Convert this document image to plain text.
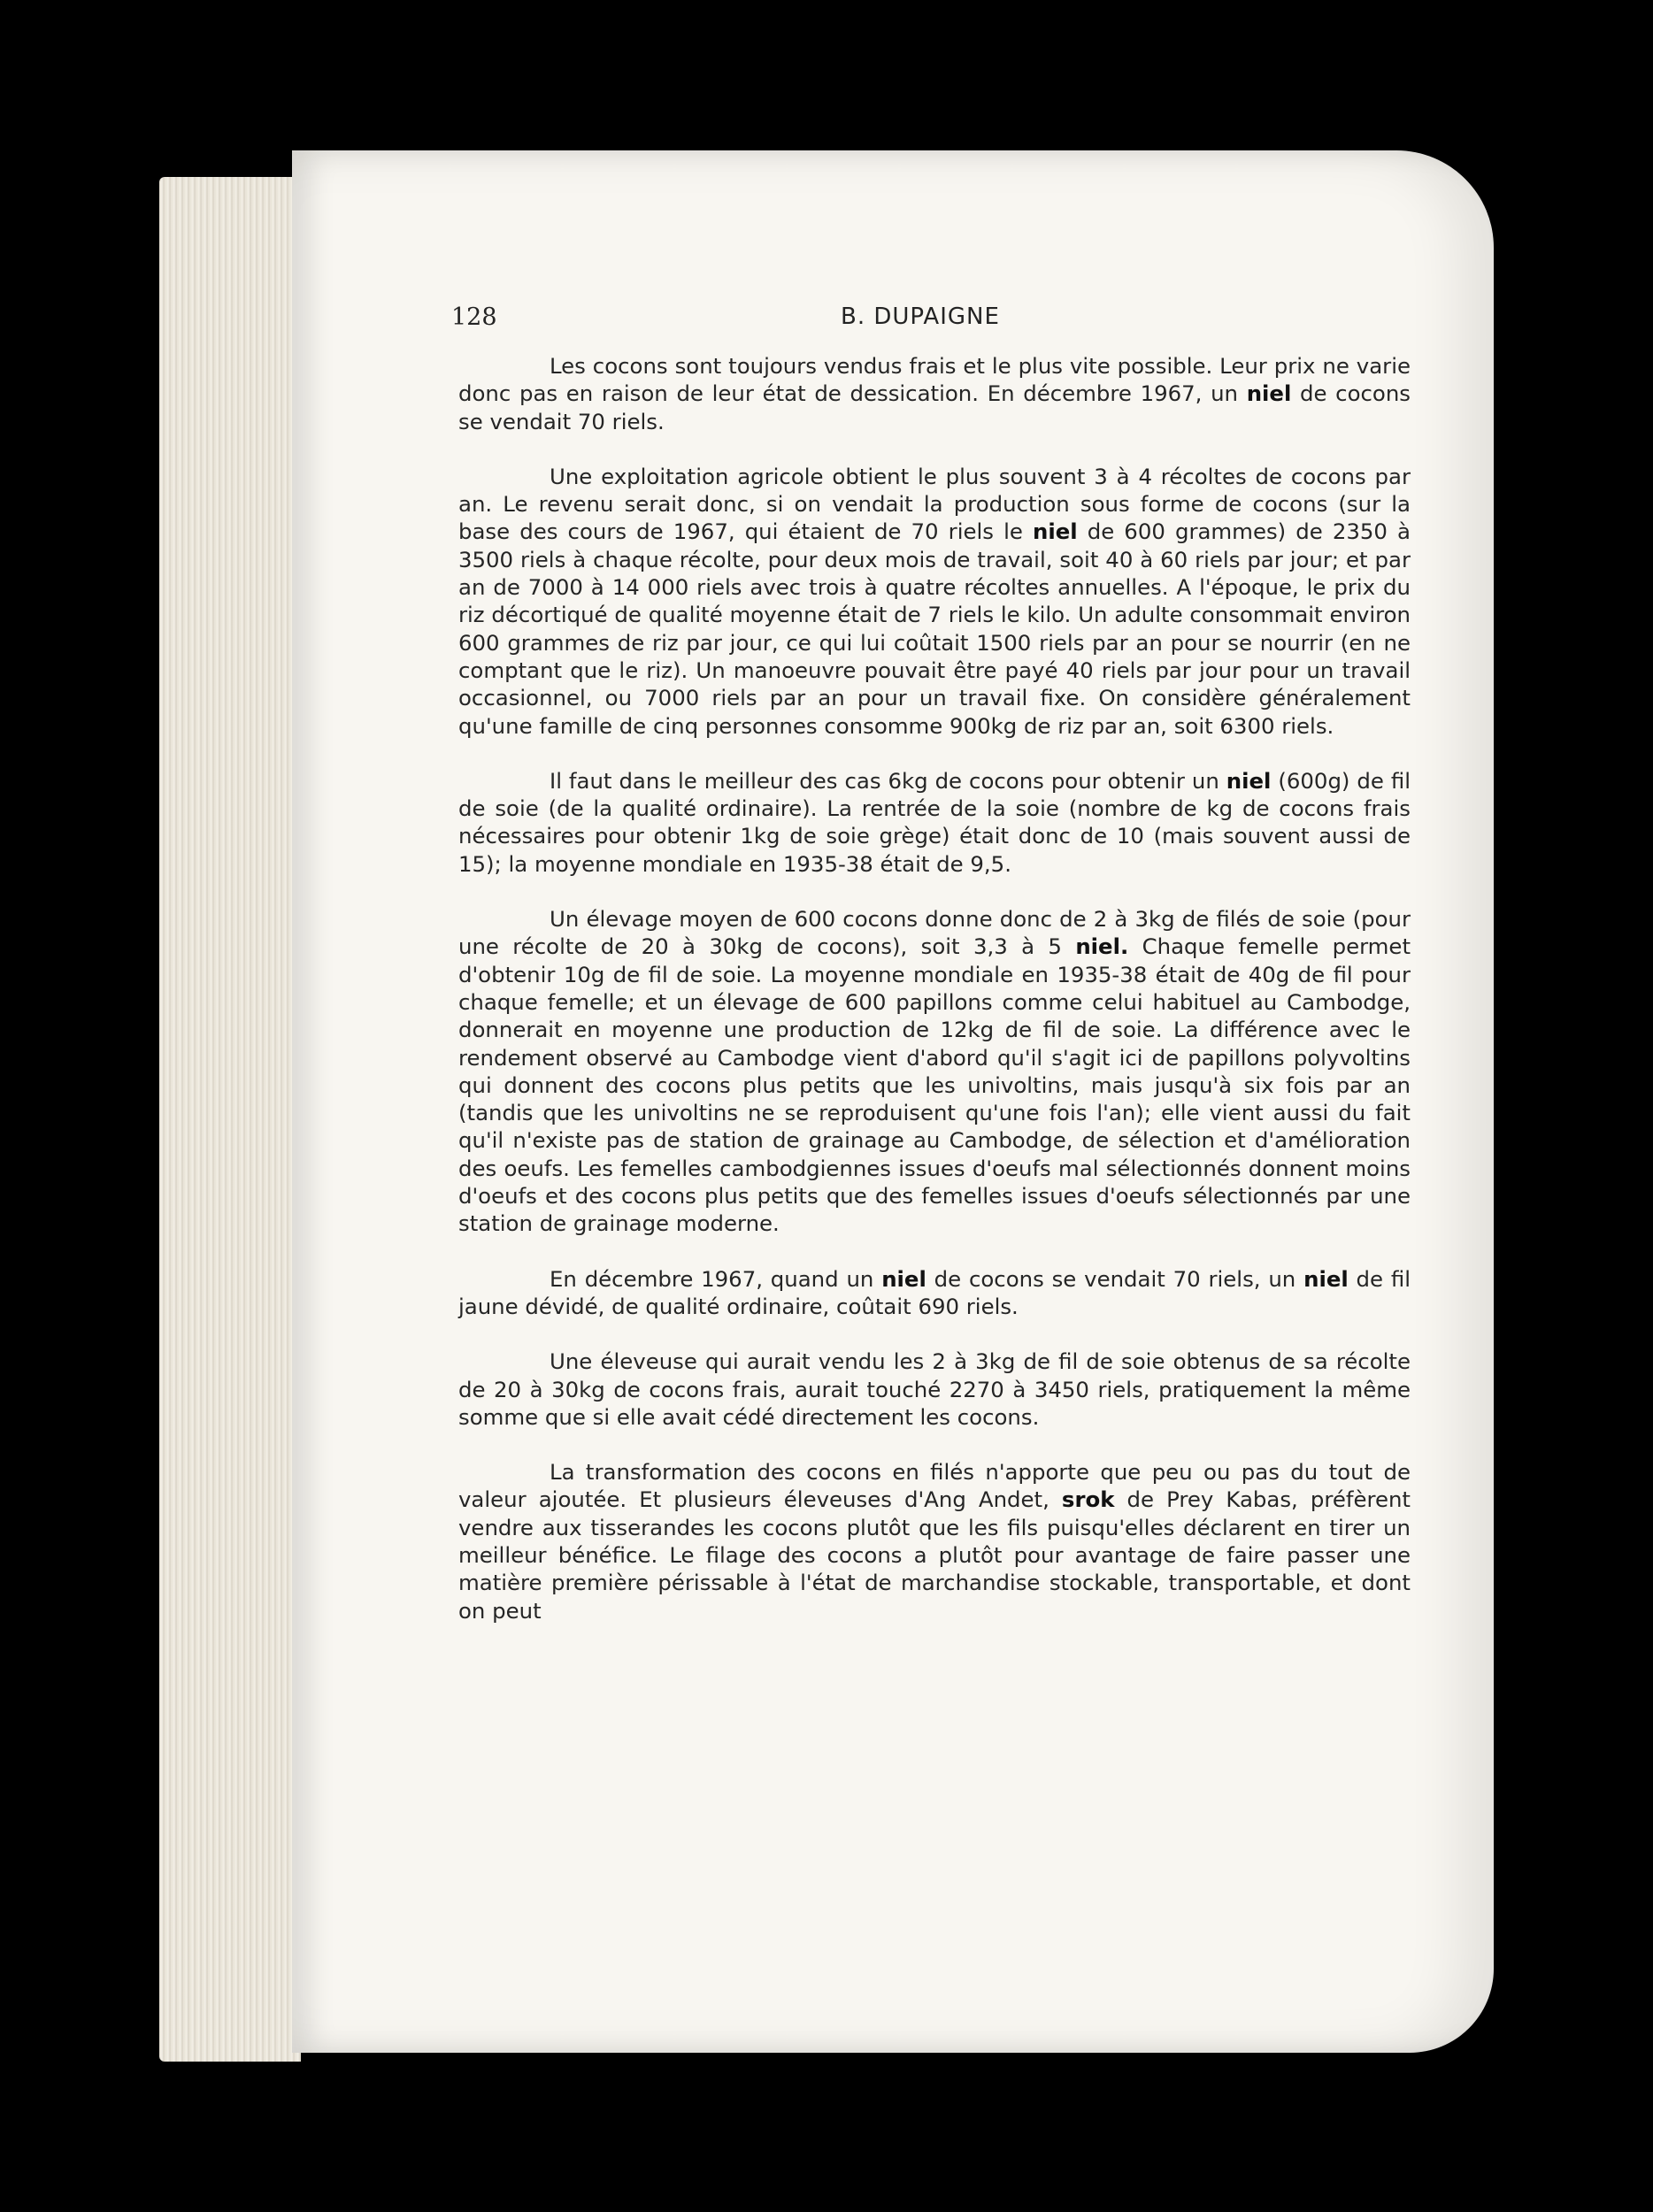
128	B. DUPAIGNE

Les cocons sont toujours vendus frais et le plus vite possible. Leur prix ne varie donc pas en raison de leur état de dessication. En décembre 1967, un niel de cocons se vendait 70 riels.

Une exploitation agricole obtient le plus souvent 3 à 4 récoltes de cocons par an. Le revenu serait donc, si on vendait la production sous forme de cocons (sur la base des cours de 1967, qui étaient de 70 riels le niel de 600 grammes) de 2350 à 3500 riels à chaque récolte, pour deux mois de travail, soit 40 à 60 riels par jour; et par an de 7000 à 14 000 riels avec trois à quatre récoltes annuelles. A l'époque, le prix du riz décortiqué de qualité moyenne était de 7 riels le kilo. Un adulte consommait environ 600 grammes de riz par jour, ce qui lui coûtait 1500 riels par an pour se nourrir (en ne comptant que le riz). Un manoeuvre pouvait être payé 40 riels par jour pour un travail occasionnel, ou 7000 riels par an pour un travail fixe. On considère généralement qu'une famille de cinq personnes consomme 900kg de riz par an, soit 6300 riels.

Il faut dans le meilleur des cas 6kg de cocons pour obtenir un niel (600g) de fil de soie (de la qualité ordinaire). La rentrée de la soie (nombre de kg de cocons frais nécessaires pour obtenir 1kg de soie grège) était donc de 10 (mais souvent aussi de 15); la moyenne mondiale en 1935-38 était de 9,5.

Un élevage moyen de 600 cocons donne donc de 2 à 3kg de filés de soie (pour une récolte de 20 à 30kg de cocons), soit 3,3 à 5 niel. Chaque femelle permet d'obtenir 10g de fil de soie. La moyenne mondiale en 1935-38 était de 40g de fil pour chaque femelle; et un élevage de 600 papillons comme celui habituel au Cambodge, donnerait en moyenne une production de 12kg de fil de soie. La différence avec le rendement observé au Cambodge vient d'abord qu'il s'agit ici de papillons polyvoltins qui donnent des cocons plus petits que les univoltins, mais jusqu'à six fois par an (tandis que les univoltins ne se reproduisent qu'une fois l'an); elle vient aussi du fait qu'il n'existe pas de station de grainage au Cambodge, de sélection et d'amélioration des oeufs. Les femelles cambodgiennes issues d'oeufs mal sélectionnés donnent moins d'oeufs et des cocons plus petits que des femelles issues d'oeufs sélectionnés par une station de grainage moderne.

En décembre 1967, quand un niel de cocons se vendait 70 riels, un niel de fil jaune dévidé, de qualité ordinaire, coûtait 690 riels.

Une éleveuse qui aurait vendu les 2 à 3kg de fil de soie obtenus de sa récolte de 20 à 30kg de cocons frais, aurait touché 2270 à 3450 riels, pratiquement la même somme que si elle avait cédé directement les cocons.

La transformation des cocons en filés n'apporte que peu ou pas du tout de valeur ajoutée. Et plusieurs éleveuses d'Ang Andet, srok de Prey Kabas, préfèrent vendre aux tisserandes les cocons plutôt que les fils puisqu'elles déclarent en tirer un meilleur bénéfice. Le filage des cocons a plutôt pour avantage de faire passer une matière première périssable à l'état de marchandise stockable, transportable, et dont on peut
